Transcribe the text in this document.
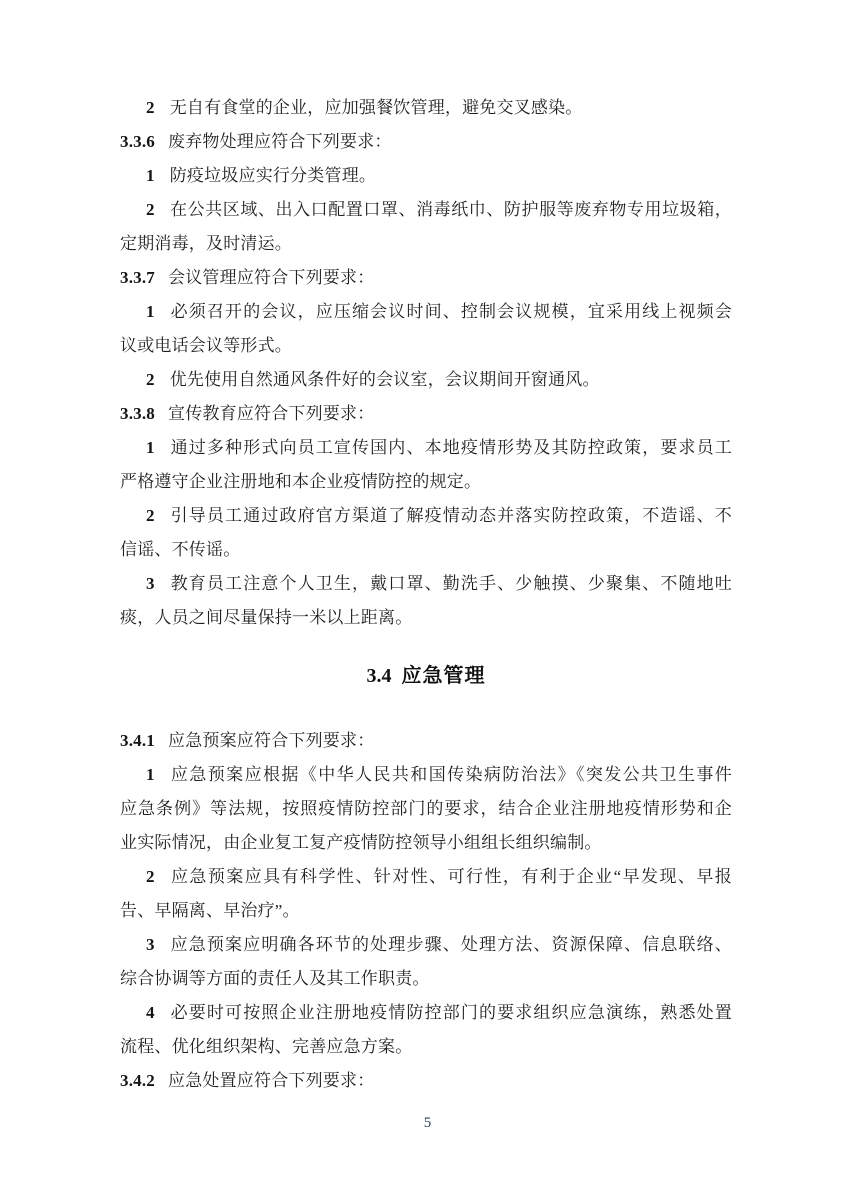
2 无自有食堂的企业，应加强餐饮管理，避免交叉感染。
3.3.6 废弃物处理应符合下列要求：
1 防疫垃圾应实行分类管理。
2 在公共区域、出入口配置口罩、消毒纸巾、防护服等废弃物专用垃圾箱，
定期消毒，及时清运。
3.3.7 会议管理应符合下列要求：
1 必须召开的会议，应压缩会议时间、控制会议规模，宜采用线上视频会
议或电话会议等形式。
2 优先使用自然通风条件好的会议室，会议期间开窗通风。
3.3.8 宣传教育应符合下列要求：
1 通过多种形式向员工宣传国内、本地疫情形势及其防控政策，要求员工
严格遵守企业注册地和本企业疫情防控的规定。
2 引导员工通过政府官方渠道了解疫情动态并落实防控政策，不造谣、不
信谣、不传谣。
3 教育员工注意个人卫生，戴口罩、勤洗手、少触摸、少聚集、不随地吐
痰，人员之间尽量保持一米以上距离。
3.4 应急管理
3.4.1 应急预案应符合下列要求：
1 应急预案应根据《中华人民共和国传染病防治法》《突发公共卫生事件
应急条例》等法规，按照疫情防控部门的要求，结合企业注册地疫情形势和企
业实际情况，由企业复工复产疫情防控领导小组组长组织编制。
2 应急预案应具有科学性、针对性、可行性，有利于企业“早发现、早报
告、早隔离、早治疗”。
3 应急预案应明确各环节的处理步骤、处理方法、资源保障、信息联络、
综合协调等方面的责任人及其工作职责。
4 必要时可按照企业注册地疫情防控部门的要求组织应急演练，熟悉处置
流程、优化组织架构、完善应急方案。
3.4.2 应急处置应符合下列要求：
5
